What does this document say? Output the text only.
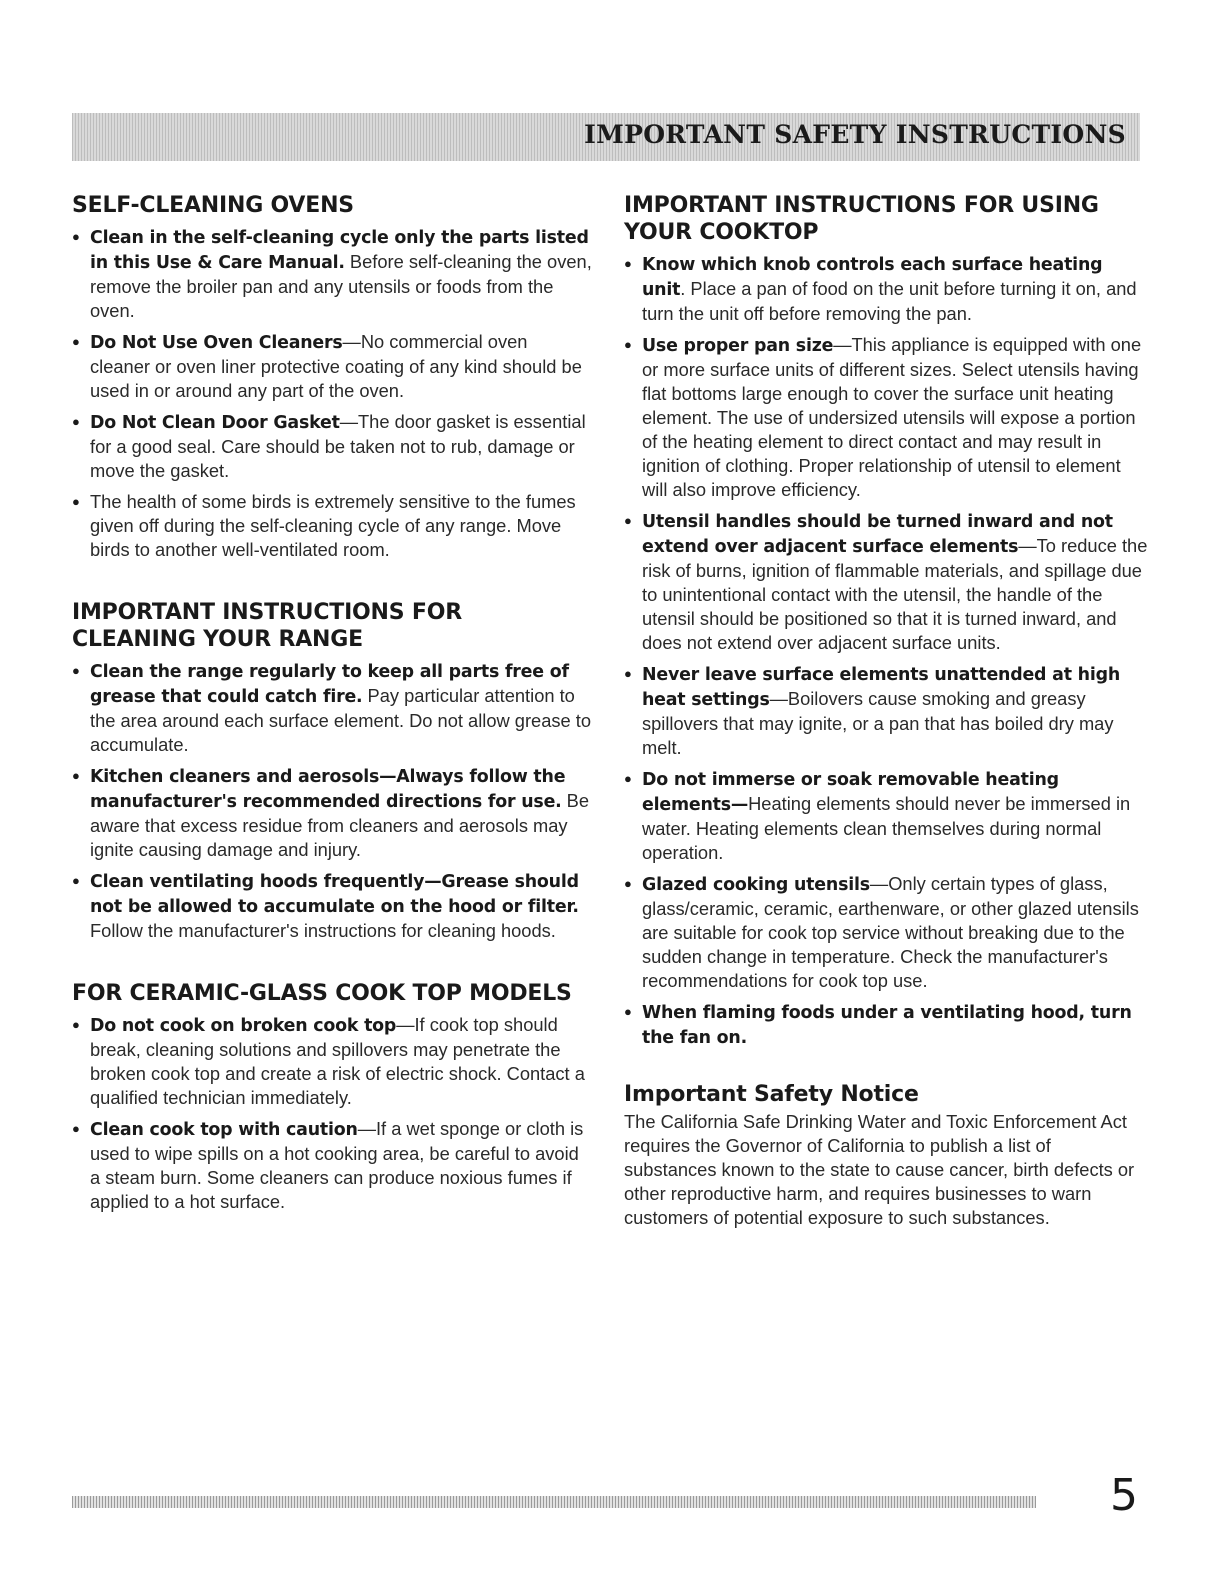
IMPORTANT SAFETY INSTRUCTIONS
SELF-CLEANING OVENS
● Clean in the self-cleaning cycle only the parts listed in this Use & Care Manual. Before self-cleaning the oven, remove the broiler pan and any utensils or foods from the oven.
● Do Not Use Oven Cleaners—No commercial oven cleaner or oven liner protective coating of any kind should be used in or around any part of the oven.
● Do Not Clean Door Gasket—The door gasket is essential for a good seal. Care should be taken not to rub, damage or move the gasket.
● The health of some birds is extremely sensitive to the fumes given off during the self-cleaning cycle of any range. Move birds to another well-ventilated room.
IMPORTANT INSTRUCTIONS FOR CLEANING YOUR RANGE
● Clean the range regularly to keep all parts free of grease that could catch fire. Pay particular attention to the area around each surface element. Do not allow grease to accumulate.
● Kitchen cleaners and aerosols—Always follow the manufacturer's recommended directions for use. Be aware that excess residue from cleaners and aerosols may ignite causing damage and injury.
● Clean ventilating hoods frequently—Grease should not be allowed to accumulate on the hood or filter. Follow the manufacturer's instructions for cleaning hoods.
FOR CERAMIC-GLASS COOK TOP MODELS
● Do not cook on broken cook top—If cook top should break, cleaning solutions and spillovers may penetrate the broken cook top and create a risk of electric shock. Contact a qualified technician immediately.
● Clean cook top with caution—If a wet sponge or cloth is used to wipe spills on a hot cooking area, be careful to avoid a steam burn. Some cleaners can produce noxious fumes if applied to a hot surface.
IMPORTANT INSTRUCTIONS FOR USING YOUR COOKTOP
● Know which knob controls each surface heating unit. Place a pan of food on the unit before turning it on, and turn the unit off before removing the pan.
● Use proper pan size—This appliance is equipped with one or more surface units of different sizes. Select utensils having flat bottoms large enough to cover the surface unit heating element. The use of undersized utensils will expose a portion of the heating element to direct contact and may result in ignition of clothing. Proper relationship of utensil to element will also improve efficiency.
● Utensil handles should be turned inward and not extend over adjacent surface elements—To reduce the risk of burns, ignition of flammable materials, and spillage due to unintentional contact with the utensil, the handle of the utensil should be positioned so that it is turned inward, and does not extend over adjacent surface units.
● Never leave surface elements unattended at high heat settings—Boilovers cause smoking and greasy spillovers that may ignite, or a pan that has boiled dry may melt.
● Do not immerse or soak removable heating elements—Heating elements should never be immersed in water. Heating elements clean themselves during normal operation.
● Glazed cooking utensils—Only certain types of glass, glass/ceramic, ceramic, earthenware, or other glazed utensils are suitable for cook top service without breaking due to the sudden change in temperature. Check the manufacturer's recommendations for cook top use.
● When flaming foods under a ventilating hood, turn the fan on.
Important Safety Notice

The California Safe Drinking Water and Toxic Enforcement Act requires the Governor of California to publish a list of substances known to the state to cause cancer, birth defects or other reproductive harm, and requires businesses to warn customers of potential exposure to such substances.

5
